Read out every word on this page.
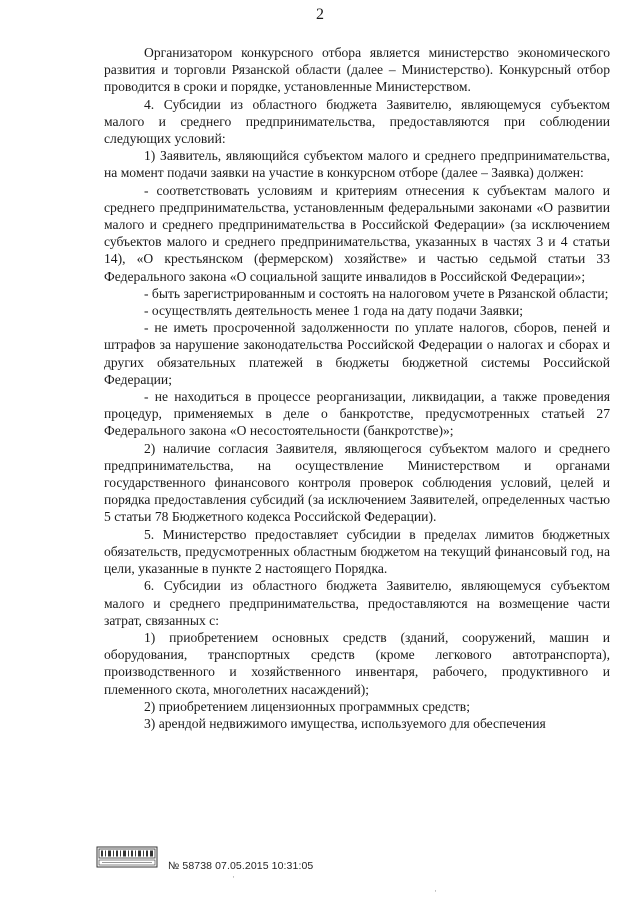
2

Организатором конкурсного отбора является министерство экономического развития и торговли Рязанской области (далее – Министерство). Конкурсный отбор проводится в сроки и порядке, установленные Министерством.

4. Субсидии из областного бюджета Заявителю, являющемуся субъектом малого и среднего предпринимательства, предоставляются при соблюдении следующих условий:

1) Заявитель, являющийся субъектом малого и среднего предпринимательства, на момент подачи заявки на участие в конкурсном отборе (далее – Заявка) должен:

- соответствовать условиям и критериям отнесения к субъектам малого и среднего предпринимательства, установленным федеральными законами «О развитии малого и среднего предпринимательства в Российской Федерации» (за исключением субъектов малого и среднего предпринимательства, указанных в частях 3 и 4 статьи 14), «О крестьянском (фермерском) хозяйстве» и частью седьмой статьи 33 Федерального закона «О социальной защите инвалидов в Российской Федерации»;

- быть зарегистрированным и состоять на налоговом учете в Рязанской области;

- осуществлять деятельность менее 1 года на дату подачи Заявки;

- не иметь просроченной задолженности по уплате налогов, сборов, пеней и штрафов за нарушение законодательства Российской Федерации о налогах и сборах и других обязательных платежей в бюджеты бюджетной системы Российской Федерации;

- не находиться в процессе реорганизации, ликвидации, а также проведения процедур, применяемых в деле о банкротстве, предусмотренных статьей 27 Федерального закона «О несостоятельности (банкротстве)»;

2) наличие согласия Заявителя, являющегося субъектом малого и среднего предпринимательства, на осуществление Министерством и органами государственного финансового контроля проверок соблюдения условий, целей и порядка предоставления субсидий (за исключением Заявителей, определенных частью 5 статьи 78 Бюджетного кодекса Российской Федерации).

5. Министерство предоставляет субсидии в пределах лимитов бюджетных обязательств, предусмотренных областным бюджетом на текущий финансовый год, на цели, указанные в пункте 2 настоящего Порядка.

6. Субсидии из областного бюджета Заявителю, являющемуся субъектом малого и среднего предпринимательства, предоставляются на возмещение части затрат, связанных с:

1) приобретением основных средств (зданий, сооружений, машин и оборудования, транспортных средств (кроме легкового автотранспорта), производственного и хозяйственного инвентаря, рабочего, продуктивного и племенного скота, многолетних насаждений);

2) приобретением лицензионных программных средств;

3) арендой недвижимого имущества, используемого для обеспечения

№ 58738 07.05.2015 10:31:05
·
·
